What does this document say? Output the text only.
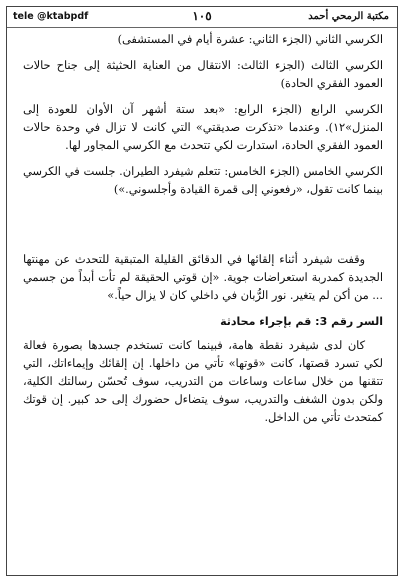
tele @ktabpdf	١٠٥	مكتبة الرمحي أحمد

الكرسي الثاني (الجزء الثاني: عشرة أيام في المستشفى)

الكرسي الثالث (الجزء الثالث: الانتقال من العناية الحثيثة إلى جناح حالات العمود الفقري الحادة)

الكرسي الرابع (الجزء الرابع: «بعد ستة أشهر آن الأوان للعودة إلى المنزل»١٢). وعندما «تذكرت صديقتي» التي كانت لا تزال في وحدة حالات العمود الفقري الحادة، استدارت لكي تتحدث مع الكرسي المجاور لها.

الكرسي الخامس (الجزء الخامس: تتعلم شيفرد الطيران. جلست في الكرسي بينما كانت تقول، «رفعوني إلى قمرة القيادة وأجلسوني.»)

وقفت شيفرد أثناء إلقائها في الدقائق القليلة المتبقية للتحدث عن مهنتها الجديدة كمدربة استعراضات جوية. «إن قوتي الحقيقة لم تأت أبداً من جسمي ... من أكن لم يتغير. نور الرُّبان في داخلي كان لا يزال حياً.»

السر رقم 3: قم بإجراء محادثة

كان لدى شيفرد نقطة هامة، فبينما كانت تستخدم جسدها بصورة فعالة لكي تسرد قصتها، كانت «قوتها» تأتي من داخلها. إن إلقائك وإيماءاتك، التي تتقنها من خلال ساعات وساعات من التدريب، سوف تُحسّن رسالتك الكلية، ولكن بدون الشغف والتدريب، سوف يتضاءل حضورك إلى حد كبير. إن قوتك كمتحدث تأتي من الداخل.
